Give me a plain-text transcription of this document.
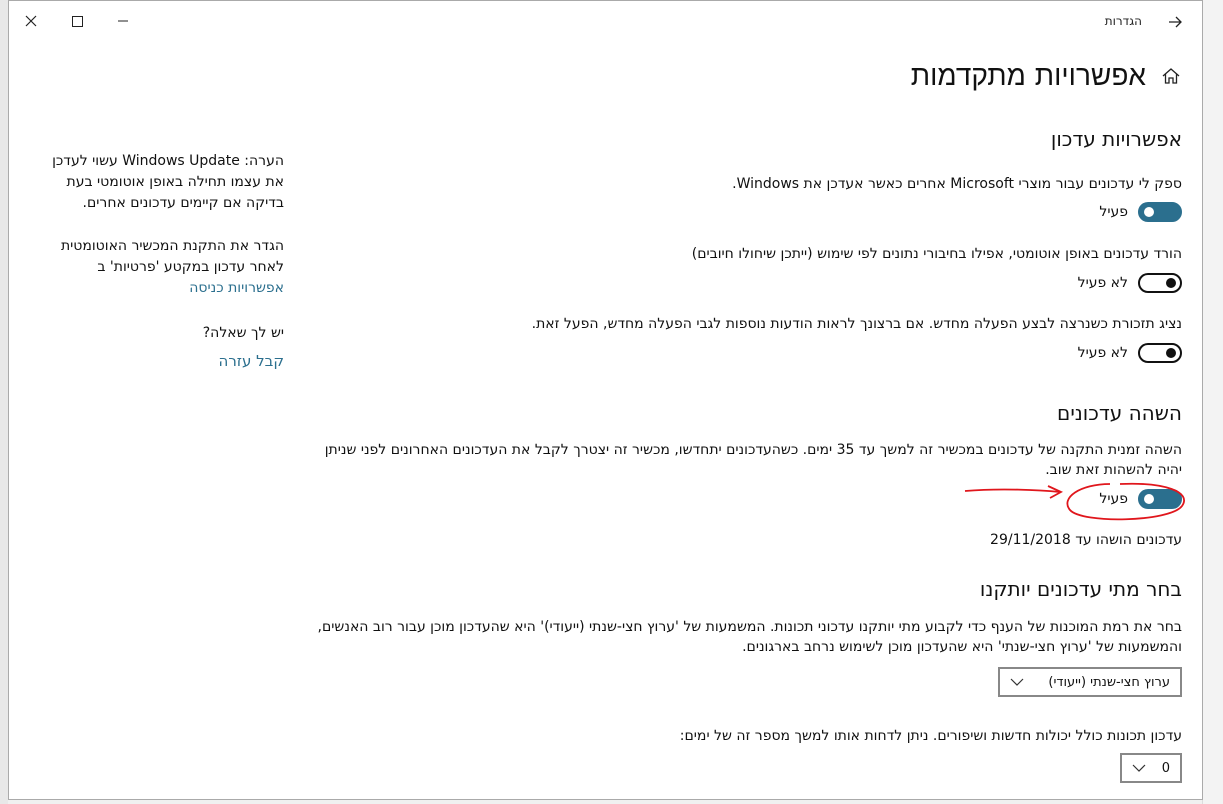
הגדרות
אפשרויות מתקדמות
אפשרויות עדכון
ספק לי עדכונים עבור מוצרי Microsoft אחרים כאשר אעדכן את Windows.
פעיל
הורד עדכונים באופן אוטומטי, אפילו בחיבורי נתונים לפי שימוש (ייתכן שיחולו חיובים)
לא פעיל
נציג תזכורת כשנרצה לבצע הפעלה מחדש. אם ברצונך לראות הודעות נוספות לגבי הפעלה מחדש, הפעל זאת.
לא פעיל
השהה עדכונים
השהה זמנית התקנה של עדכונים במכשיר זה למשך עד 35 ימים. כשהעדכונים יתחדשו, מכשיר זה יצטרך לקבל את העדכונים האחרונים לפני שניתן יהיה להשהות זאת שוב.
פעיל
עדכונים הושהו עד 29/11/2018
בחר מתי עדכונים יותקנו
בחר את רמת המוכנות של הענף כדי לקבוע מתי יותקנו עדכוני תכונות. המשמעות של 'ערוץ חצי-שנתי (ייעודי)' היא שהעדכון מוכן עבור רוב האנשים, והמשמעות של 'ערוץ חצי-שנתי' היא שהעדכון מוכן לשימוש נרחב בארגונים.
ערוץ חצי-שנתי (ייעודי)
עדכון תכונות כולל יכולות חדשות ושיפורים. ניתן לדחות אותו למשך מספר זה של ימים:
0
הערה: Windows Update עשוי לעדכן את עצמו תחילה באופן אוטומטי בעת בדיקה אם קיימים עדכונים אחרים.
הגדר את התקנת המכשיר האוטומטית לאחר עדכון במקטע 'פרטיות' ב אפשרויות כניסה
יש לך שאלה?
קבל עזרה
